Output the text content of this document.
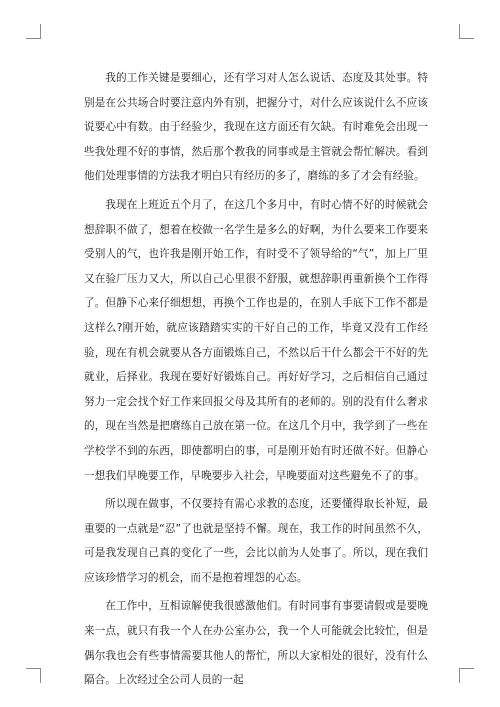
我的工作关键是要细心，还有学习对人怎么说话、态度及其处事。特别是在公共场合时要注意内外有别，把握分寸，对什么应该说什么不应该说要心中有数。由于经验少，我现在这方面还有欠缺。有时难免会出现一些我处理不好的事情，然后那个教我的同事或是主管就会帮忙解决。看到他们处理事情的方法我才明白只有经历的多了，磨练的多了才会有经验。

我现在上班近五个月了，在这几个多月中，有时心情不好的时候就会想辞职不做了，想着在校做一名学生是多么的好啊，为什么要来工作要来受别人的气，也许我是刚开始工作，有时受不了领导给的“气”，加上厂里又在验厂压力又大，所以自己心里很不舒服，就想辞职再重新换个工作得了。但静下心来仔细想想，再换个工作也是的，在别人手底下工作不都是这样么?刚开始，就应该踏踏实实的干好自己的工作，毕竟又没有工作经验，现在有机会就要从各方面锻炼自己，不然以后干什么都会干不好的先就业，后择业。我现在要好好锻炼自己。再好好学习，之后相信自己通过努力一定会找个好工作来回报父母及其所有的老师的。别的没有什么奢求的，现在当然是把磨练自己放在第一位。在这几个月中，我学到了一些在学校学不到的东西，即使都明白的事，可是刚开始有时还做不好。但静心一想我们早晚要工作，早晚要步入社会，早晚要面对这些避免不了的事。

所以现在做事，不仅要持有需心求教的态度，还要懂得取长补短，最重要的一点就是“忍”了也就是坚持不懈。现在，我工作的时间虽然不久，可是我发现自己真的变化了一些，会比以前为人处事了。所以，现在我们应该珍惜学习的机会，而不是抱着埋怨的心态。

在工作中，互相谅解使我很感激他们。有时同事有事要请假或是要晚来一点，就只有我一个人在办公室办公，我一个人可能就会比较忙，但是偶尔我也会有些事情需要其他人的帮忙，所以大家相处的很好，没有什么隔合。上次经过全公司人员的一起
